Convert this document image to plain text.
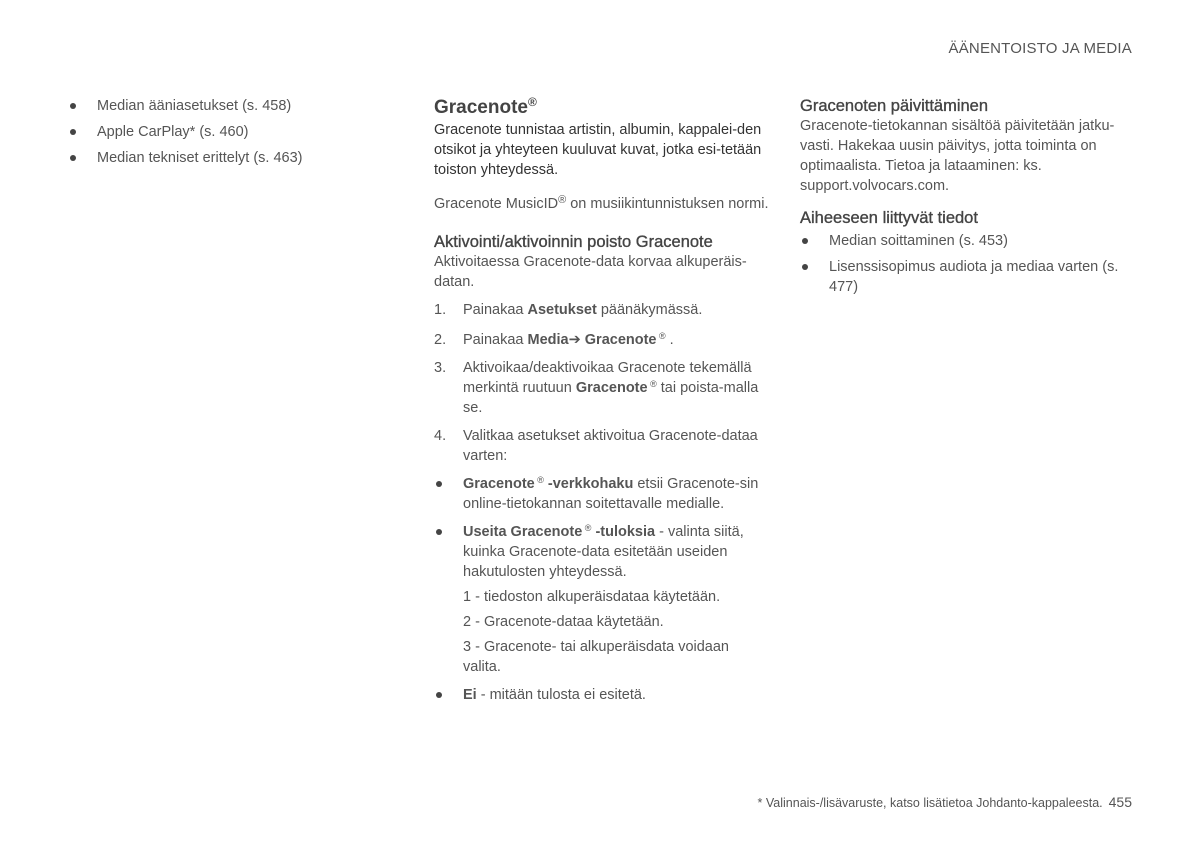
ÄÄNENTOISTO JA MEDIA
Median ääniasetukset (s. 458)
Apple CarPlay* (s. 460)
Median tekniset erittelyt (s. 463)
Gracenote®

Gracenote tunnistaa artistin, albumin, kappalei-den otsikot ja yhteyteen kuuluvat kuvat, jotka esi-tetään toiston yhteydessä.

Gracenote MusicID® on musiikintunnistuksen normi.

Aktivointi/aktivoinnin poisto Gracenote

Aktivoitaessa Gracenote-data korvaa alkuperäis-datan.

1. Painakaa Asetukset päänäkymässä.
2. Painakaa Media➔ Gracenote ® .
3. Aktivoikaa/deaktivoikaa Gracenote tekemällä merkintä ruutuun Gracenote ® tai poista-malla se.
4. Valitkaa asetukset aktivoitua Gracenote-dataa varten:
Gracenote ® -verkkohaku etsii Gracenote-sin online-tietokannan soitettavalle medialle.
Useita Gracenote ® -tuloksia - valinta siitä, kuinka Gracenote-data esitetään useiden hakutulosten yhteydessä.

1 - tiedoston alkuperäisdataa käytetään.

2 - Gracenote-dataa käytetään.

3 - Gracenote- tai alkuperäisdata voidaan valita.

Ei - mitään tulosta ei esitetä.
Gracenoten päivittäminen

Gracenote-tietokannan sisältöä päivitetään jatku-vasti. Hakekaa uusin päivitys, jotta toiminta on optimaalista. Tietoa ja lataaminen: ks. support.volvocars.com.

Aiheeseen liittyvät tiedot
Median soittaminen (s. 453)
Lisenssisopimus audiota ja mediaa varten (s. 477)
* Valinnais-/lisävaruste, katso lisätietoa Johdanto-kappaleesta. 455
